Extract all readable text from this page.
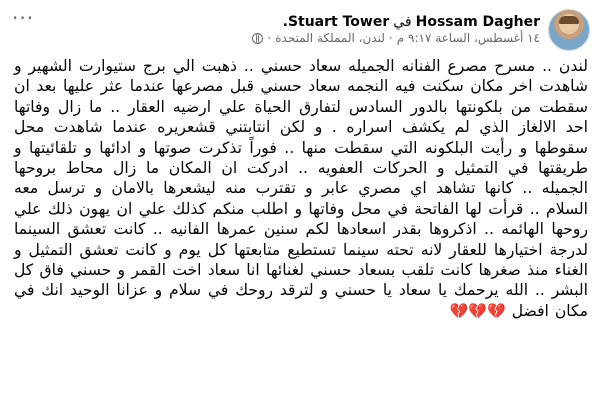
Hossam DagherفيStuart Tower.
١٤ أغسطس، الساعة ٩:١٧ م
·
لندن، المملكة المتحدة
·
···
لندن .. مسرح مصرع الفنانه الجميله سعاد حسني .. ذهبت الي برج ستيوارت الشهير و شاهدت اخر مكان سكنت فيه النجمه سعاد حسني قبل مصرعها عندما عثر عليها بعد ان سقطت من بلكونتها بالدور السادس لتفارق الحياة علي ارضيه العقار .. ما زال وفاتها احد الالغاز الذي لم يكشف اسراره . و لكن انتابتني قشعريره عندما شاهدت محل سقوطها و رأيت البلكونه التي سقطت منها .. فوراً تذكرت صوتها و ادائها و تلقائيتها و طريقتها في التمثيل و الحركات العفويه .. ادركت ان المكان ما زال محاط بروحها الجميله .. كانها تشاهد اي مصري عابر و تقترب منه ليشعرها بالامان و ترسل معه السلام .. قرأت لها الفاتحة في محل وفاتها و اطلب منكم كذلك علي ان يهون ذلك علي روحها الهائمه .. اذكروها بقدر اسعادها لكم سنين عمرها الفانيه .. كانت تعشق السينما لدرجة اختيارها للعقار لانه تحته سينما تستطيع متابعتها كل يوم و كانت تعشق التمثيل و الغناء منذ صغرها كانت تلقب بسعاد حسني لغنائها انا سعاد اخت القمر و حسني فاق كل البشر .. الله يرحمك يا سعاد يا حسني و لترقد روحك في سلام و عزانا الوحيد انك في مكان افضل 💔💔💔
